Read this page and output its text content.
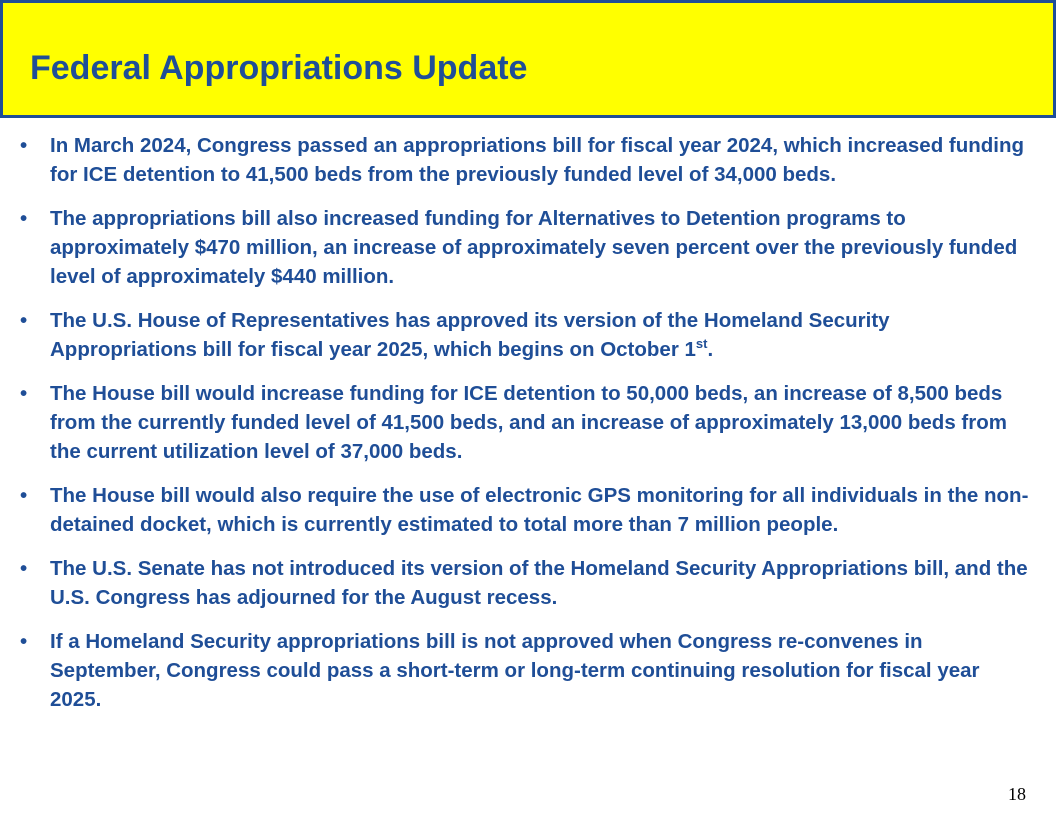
Federal Appropriations Update
• In March 2024, Congress passed an appropriations bill for fiscal year 2024, which increased funding for ICE detention to 41,500 beds from the previously funded level of 34,000 beds.
• The appropriations bill also increased funding for Alternatives to Detention programs to approximately $470 million, an increase of approximately seven percent over the previously funded level of approximately $440 million.
• The U.S. House of Representatives has approved its version of the Homeland Security Appropriations bill for fiscal year 2025, which begins on October 1st.
• The House bill would increase funding for ICE detention to 50,000 beds, an increase of 8,500 beds from the currently funded level of 41,500 beds, and an increase of approximately 13,000 beds from the current utilization level of 37,000 beds.
• The House bill would also require the use of electronic GPS monitoring for all individuals in the non-detained docket, which is currently estimated to total more than 7 million people.
• The U.S. Senate has not introduced its version of the Homeland Security Appropriations bill, and the U.S. Congress has adjourned for the August recess.
• If a Homeland Security appropriations bill is not approved when Congress re-convenes in September, Congress could pass a short-term or long-term continuing resolution for fiscal year 2025.
18
